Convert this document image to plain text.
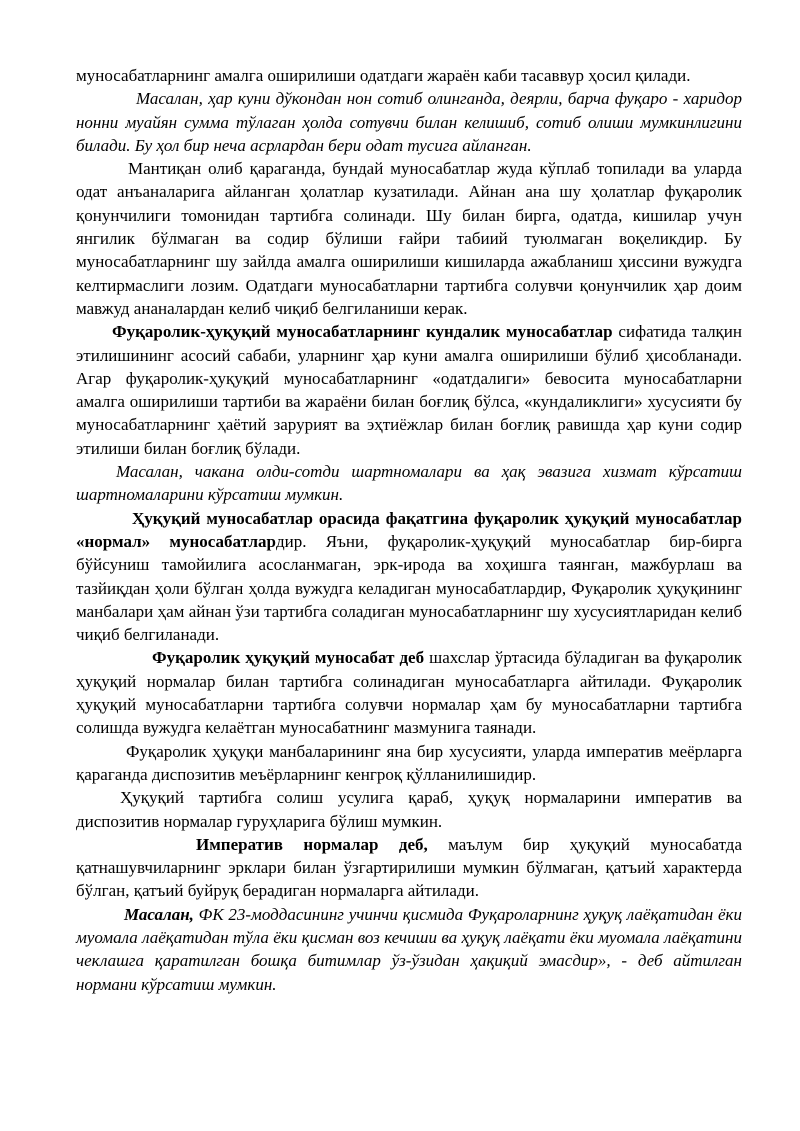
муносабатларнинг амалга оширилиши одатдаги жараён каби тасаввур ҳосил қилади.

Масалан, ҳар куни дўкондан нон сотиб олинганда, деярли, барча фуқаро - харидор нонни муайян сумма тўлаган ҳолда сотувчи билан келишиб, сотиб олиши мумкинлигини билади. Бу ҳол бир неча асрлардан бери одат тусига айланган.

Мантиқан олиб қараганда, бундай муносабатлар жуда кўплаб топилади ва уларда одат анъаналарига айланган ҳолатлар кузатилади. Айнан ана шу ҳолатлар фуқаролик қонунчилиги томонидан тартибга солинади. Шу билан бирга, одатда, кишилар учун янгилик бўлмаган ва содир бўлиши ғайри табиий туюлмаган воқеликдир. Бу муносабатларнинг шу зайлда амалга оширилиши кишиларда ажабланиш ҳиссини вужудга келтирмаслиги лозим. Одатдаги муносабатларни тартибга солувчи қонунчилик ҳар доим мавжуд ананалардан келиб чиқиб белгиланиши керак.

Фуқаролик-ҳуқуқий муносабатларнинг кундалик муносабатлар сифатида талқин этилишининг асосий сабаби, уларнинг ҳар куни амалга оширилиши бўлиб ҳисобланади. Агар фуқаролик-ҳуқуқий муносабатларнинг «одатдалиги» бевосита муносабатларни амалга оширилиши тартиби ва жараёни билан боғлиқ бўлса, «кундаликлиги» хусусияти бу муносабатларнинг ҳаётий зарурият ва эҳтиёжлар билан боғлиқ равишда ҳар куни содир этилиши билан боғлиқ бўлади.

Масалан, чакана олди-сотди шартномалари ва ҳақ эвазига хизмат кўрсатиш шартномаларини кўрсатиш мумкин.

Ҳуқуқий муносабатлар орасида фақатгина фуқаролик ҳуқуқий муносабатлар «нормал» муносабатлардир. Яъни, фуқаролик-ҳуқуқий муносабатлар бир-бирга бўйсуниш тамойилига асосланмаган, эрк-ирода ва хоҳишга таянган, мажбурлаш ва тазйиқдан ҳоли бўлган ҳолда вужудга келадиган муносабатлардир, Фуқаролик ҳуқуқининг манбалари ҳам айнан ўзи тартибга соладиган муносабатларнинг шу хусусиятларидан келиб чиқиб белгиланади.

Фуқаролик ҳуқуқий муносабат деб шахслар ўртасида бўладиган ва фуқаролик ҳуқуқий нормалар билан тартибга солинадиган муносабатларга айтилади. Фуқаролик ҳуқуқий муносабатларни тартибга солувчи нормалар ҳам бу муносабатларни тартибга солишда вужудга келаётган муносабатнинг мазмунига таянади.

Фуқаролик ҳуқуқи манбаларининг яна бир хусусияти, уларда императив меёрларга қараганда диспозитив меъёрларнинг кенгроқ қўлланилишидир.

Ҳуқуқий тартибга солиш усулига қараб, ҳуқуқ нормаларини императив ва диспозитив нормалар гуруҳларига бўлиш мумкин.

Императив нормалар деб, маълум бир ҳуқуқий муносабатда қатнашувчиларнинг эрклари билан ўзгартирилиши мумкин бўлмаган, қатъий характерда бўлган, қатъий буйруқ берадиган нормаларга айтилади.

Масалан, ФК 23-моддасининг учинчи қисмида Фуқароларнинг ҳуқуқ лаёқатидан ёки муомала лаёқатидан тўла ёки қисман воз кечиши ва ҳуқуқ лаёқати ёки муомала лаёқатини чеклашга қаратилган бошқа битимлар ўз-ўзидан ҳақиқий эмасдир», - деб айтилган нормани кўрсатиш мумкин.
